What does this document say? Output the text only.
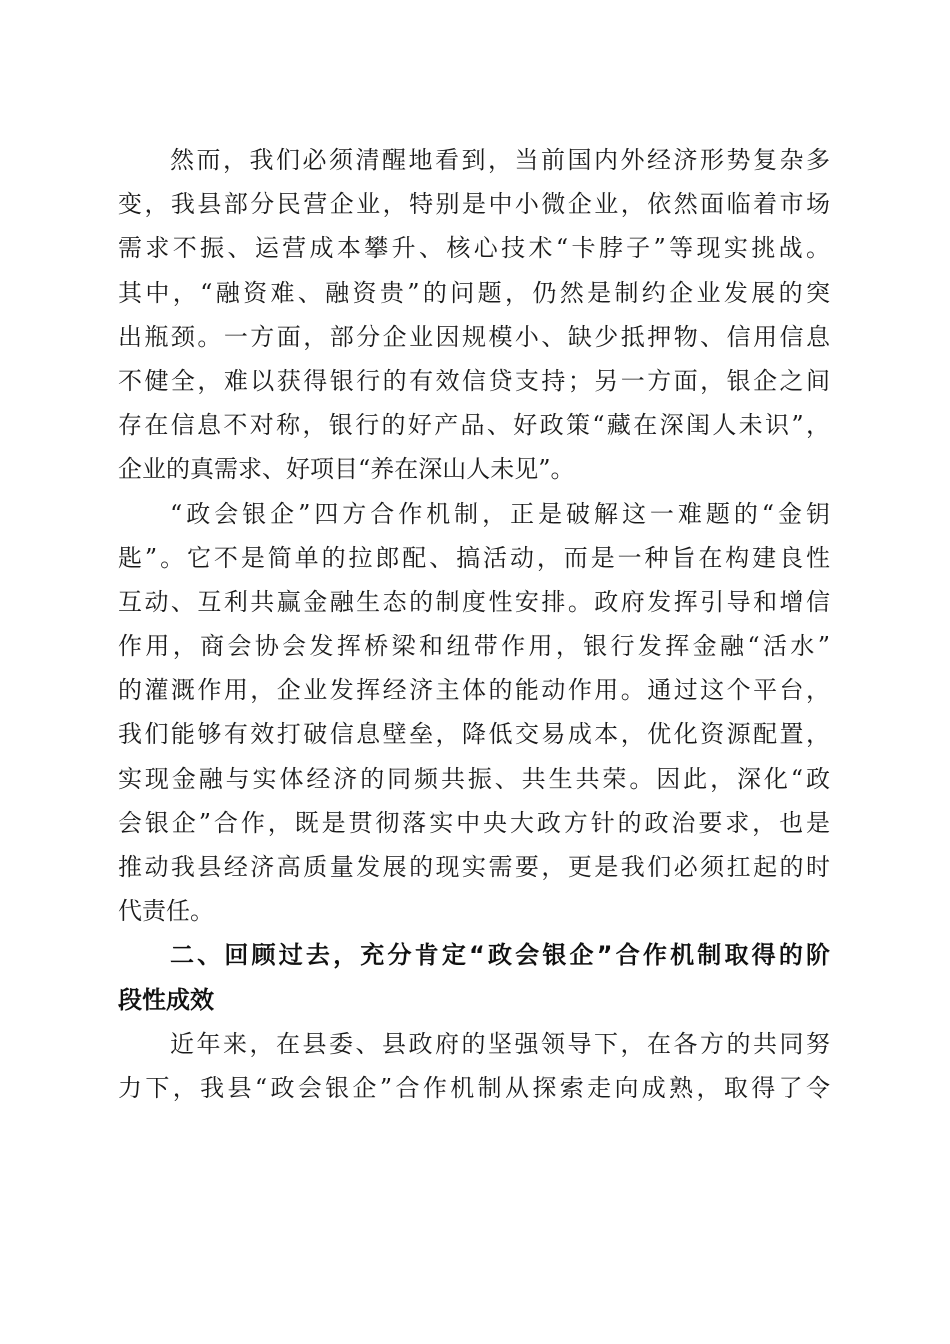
然而，我们必须清醒地看到，当前国内外经济形势复杂多
变，我县部分民营企业，特别是中小微企业，依然面临着市场
需求不振、运营成本攀升、核心技术“卡脖子”等现实挑战。
其中，“融资难、融资贵”的问题，仍然是制约企业发展的突
出瓶颈。一方面，部分企业因规模小、缺少抵押物、信用信息
不健全，难以获得银行的有效信贷支持；另一方面，银企之间
存在信息不对称，银行的好产品、好政策“藏在深闺人未识”，
企业的真需求、好项目“养在深山人未见”。
“政会银企”四方合作机制，正是破解这一难题的“金钥
匙”。它不是简单的拉郎配、搞活动，而是一种旨在构建良性
互动、互利共赢金融生态的制度性安排。政府发挥引导和增信
作用，商会协会发挥桥梁和纽带作用，银行发挥金融“活水”
的灌溉作用，企业发挥经济主体的能动作用。通过这个平台，
我们能够有效打破信息壁垒，降低交易成本，优化资源配置，
实现金融与实体经济的同频共振、共生共荣。因此，深化“政
会银企”合作，既是贯彻落实中央大政方针的政治要求，也是
推动我县经济高质量发展的现实需要，更是我们必须扛起的时
代责任。
二、回顾过去，充分肯定“政会银企”合作机制取得的阶
段性成效
近年来，在县委、县政府的坚强领导下，在各方的共同努
力下，我县“政会银企”合作机制从探索走向成熟，取得了令
